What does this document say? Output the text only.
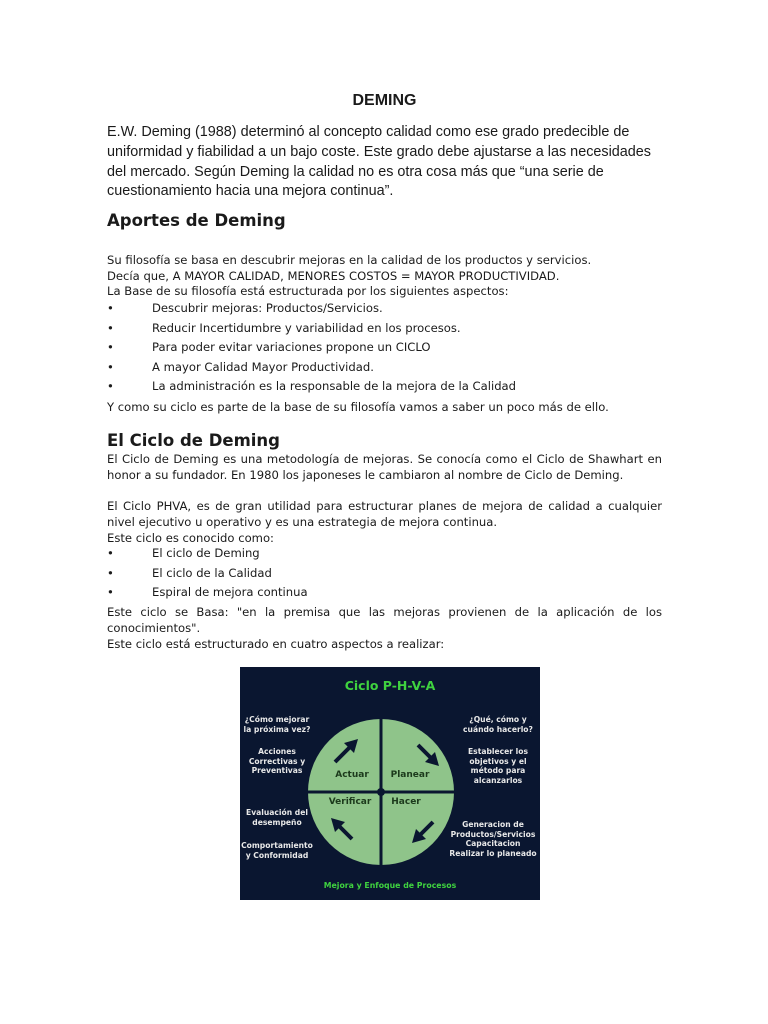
DEMING
E.W. Deming (1988) determinó al concepto calidad como ese grado predecible de uniformidad y fiabilidad a un bajo coste. Este grado debe ajustarse a las necesidades del mercado. Según Deming la calidad no es otra cosa más que “una serie de cuestionamiento hacia una mejora continua”.
Aportes de Deming
Su filosofía se basa en descubrir mejoras en la calidad de los productos y servicios.
Decía que, A MAYOR CALIDAD, MENORES COSTOS = MAYOR PRODUCTIVIDAD.
La Base de su filosofía está estructurada por los siguientes aspectos:
•	Descubrir mejoras: Productos/Servicios.
•	Reducir Incertidumbre y variabilidad en los procesos.
•	Para poder evitar variaciones propone un CICLO
•	A mayor Calidad Mayor Productividad.
•	La administración es la responsable de la mejora de la Calidad
Y como su ciclo es parte de la base de su filosofía vamos a saber un poco más de ello.
El Ciclo de Deming
El Ciclo de Deming es una metodología de mejoras. Se conocía como el Ciclo de Shawhart en honor a su fundador. En 1980 los japoneses le cambiaron al nombre de Ciclo de Deming.
El Ciclo PHVA, es de gran utilidad para estructurar planes de mejora de calidad a cualquier nivel ejecutivo u operativo y es una estrategia de mejora continua.
Este ciclo es conocido como:
•	El ciclo de Deming
•	El ciclo de la Calidad
•	Espiral de mejora continua
Este ciclo se Basa: "en la premisa que las mejoras provienen de la aplicación de los conocimientos".
Este ciclo está estructurado en cuatro aspectos a realizar:
Ciclo P-H-V-A
Actuar	Planear
Verificar	Hacer
¿Cómo mejorar la próxima vez?
¿Qué, cómo y cuándo hacerlo?
Acciones Correctivas y Preventivas
Establecer los objetivos y el método para alcanzarlos
Evaluación del desempeño
Comportamiento y Conformidad
Generacion de Productos/Servicios Capacitacion Realizar lo planeado
Mejora y Enfoque de Procesos
